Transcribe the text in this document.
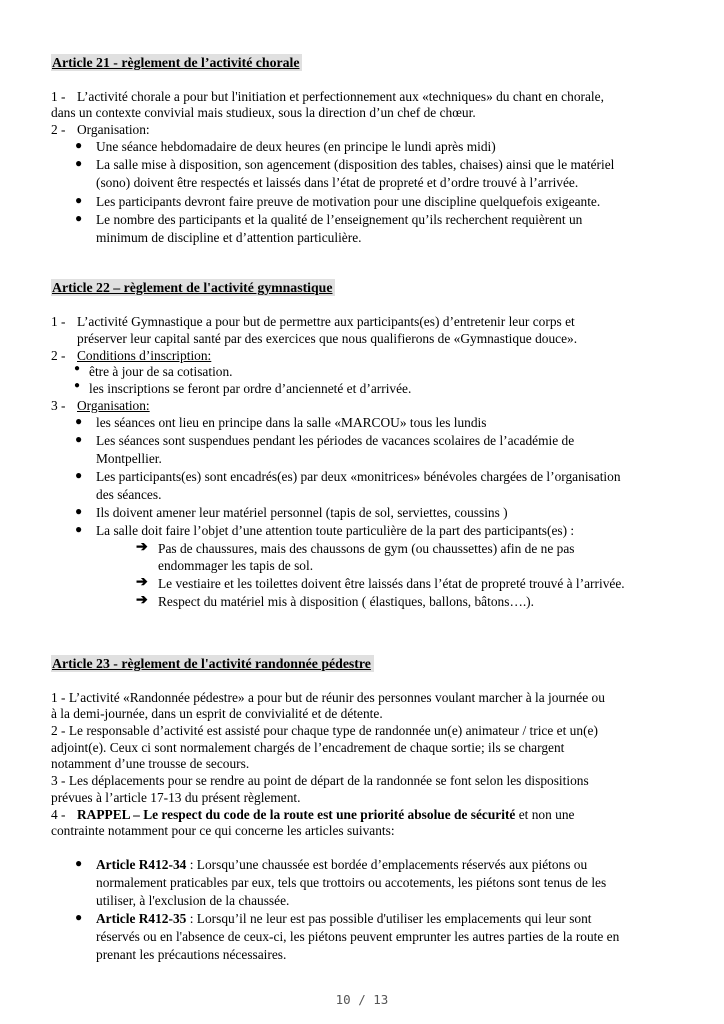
Article 21 - règlement de l’activité chorale
1 - L’activité chorale a pour but l'initiation et perfectionnement aux «techniques» du chant en chorale,
dans un contexte convivial mais studieux, sous la direction d’un chef de chœur.
2 - Organisation:
● Une séance hebdomadaire de deux heures (en principe le lundi après midi)
● La salle mise à disposition, son agencement (disposition des tables, chaises) ainsi que le matériel
(sono) doivent être respectés et laissés dans l’état de propreté et d’ordre trouvé à l’arrivée.
● Les participants devront faire preuve de motivation pour une discipline quelquefois exigeante.
● Le nombre des participants et la qualité de l’enseignement qu’ils recherchent requièrent un
minimum de discipline et d’attention particulière.
Article 22 – règlement de l'activité gymnastique
1 - L’activité Gymnastique a pour but de permettre aux participants(es) d’entretenir leur corps et
préserver leur capital santé par des exercices que nous qualifierons de «Gymnastique douce».
2 - Conditions d’inscription:
● être à jour de sa cotisation.
● les inscriptions se feront par ordre d’ancienneté et d’arrivée.
3 - Organisation:
● les séances ont lieu en principe dans la salle «MARCOU» tous les lundis
● Les séances sont suspendues pendant les périodes de vacances scolaires de l’académie de
Montpellier.
● Les participants(es) sont encadrés(es) par deux «monitrices» bénévoles chargées de l’organisation
des séances.
● Ils doivent amener leur matériel personnel (tapis de sol, serviettes, coussins )
● La salle doit faire l’objet d’une attention toute particulière de la part des participants(es) :
➔ Pas de chaussures, mais des chaussons de gym (ou chaussettes) afin de ne pas
endommager les tapis de sol.
➔ Le vestiaire et les toilettes doivent être laissés dans l’état de propreté trouvé à l’arrivée.
➔ Respect du matériel mis à disposition ( élastiques, ballons, bâtons….).
Article 23 - règlement de l'activité randonnée pédestre
1 - L’activité «Randonnée pédestre» a pour but de réunir des personnes voulant marcher à la journée ou
à la demi-journée, dans un esprit de convivialité et de détente.
2 - Le responsable d’activité est assisté pour chaque type de randonnée un(e) animateur / trice et un(e)
adjoint(e). Ceux ci sont normalement chargés de l’encadrement de chaque sortie; ils se chargent
notamment d’une trousse de secours.
3 - Les déplacements pour se rendre au point de départ de la randonnée se font selon les dispositions
prévues à l’article 17-13 du présent règlement.
4 - RAPPEL – Le respect du code de la route est une priorité absolue de sécurité et non une
contrainte notamment pour ce qui concerne les articles suivants:
● Article R412-34 : Lorsqu’une chaussée est bordée d’emplacements réservés aux piétons ou
normalement praticables par eux, tels que trottoirs ou accotements, les piétons sont tenus de les
utiliser, à l'exclusion de la chaussée.
● Article R412-35 : Lorsqu’il ne leur est pas possible d'utiliser les emplacements qui leur sont
réservés ou en l'absence de ceux-ci, les piétons peuvent emprunter les autres parties de la route en
prenant les précautions nécessaires.
10 / 13
